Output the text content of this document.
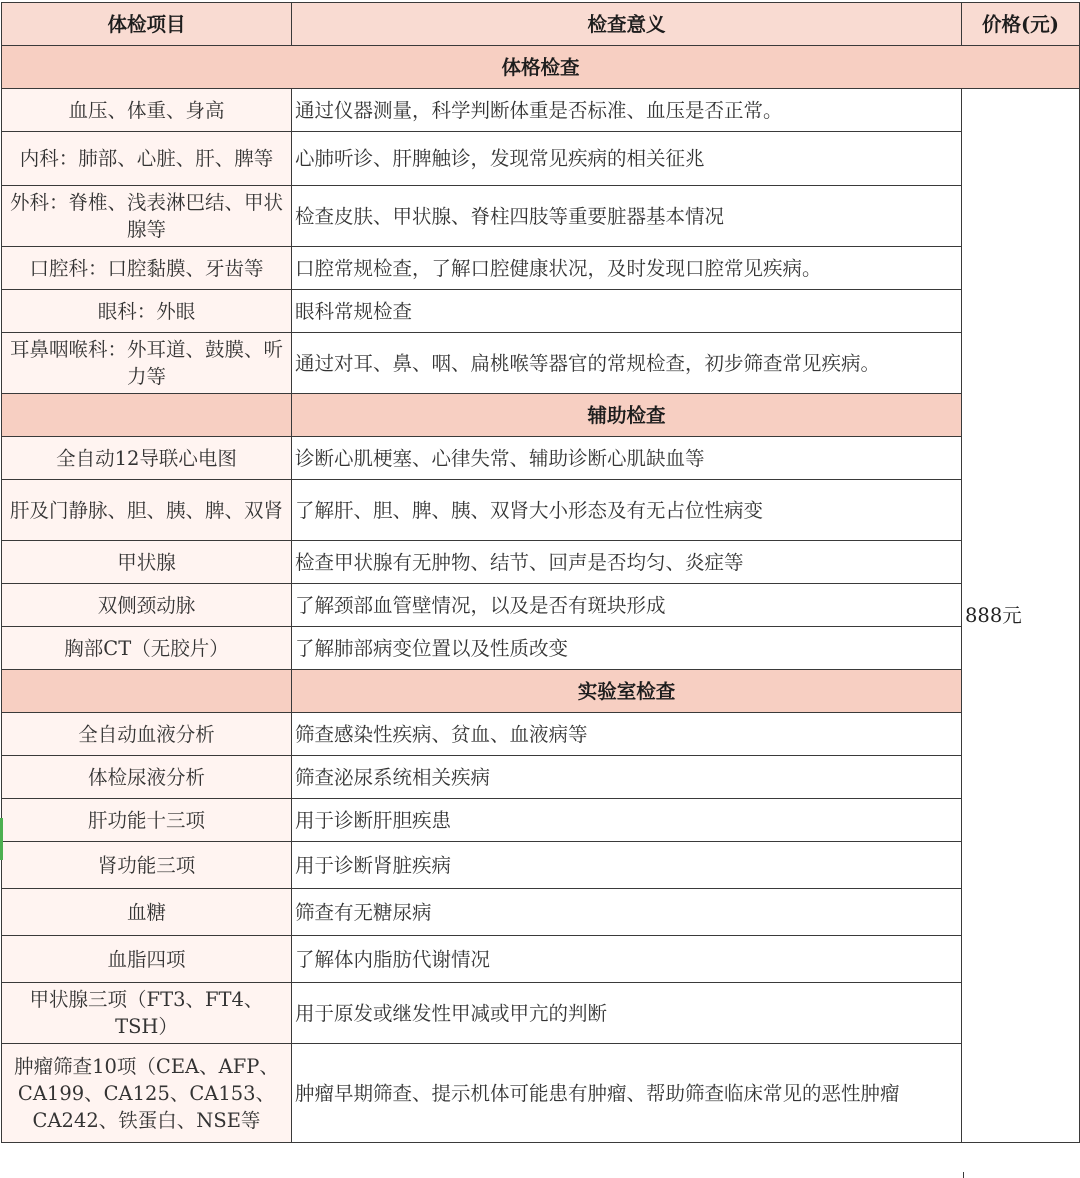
体检项目	检查意义	价格(元)
体格检查		
血压、体重、身高	通过仪器测量，科学判断体重是否标准、血压是否正常。	888元
内科：肺部、心脏、肝、脾等	心肺听诊、肝脾触诊，发现常见疾病的相关征兆	
外科：脊椎、浅表淋巴结、甲状腺等	检查皮肤、甲状腺、脊柱四肢等重要脏器基本情况	
口腔科：口腔黏膜、牙齿等	口腔常规检查，了解口腔健康状况，及时发现口腔常见疾病。	
眼科：外眼	眼科常规检查	
耳鼻咽喉科：外耳道、鼓膜、听力等	通过对耳、鼻、咽、扁桃喉等器官的常规检查，初步筛查常见疾病。	
	辅助检查	
全自动12导联心电图	诊断心肌梗塞、心律失常、辅助诊断心肌缺血等	
肝及门静脉、胆、胰、脾、双肾	了解肝、胆、脾、胰、双肾大小形态及有无占位性病变	
甲状腺	检查甲状腺有无肿物、结节、回声是否均匀、炎症等	
双侧颈动脉	了解颈部血管壁情况，以及是否有斑块形成	
胸部CT（无胶片）	了解肺部病变位置以及性质改变	
	实验室检查	
全自动血液分析	筛查感染性疾病、贫血、血液病等	
体检尿液分析	筛查泌尿系统相关疾病	
肝功能十三项	用于诊断肝胆疾患	
肾功能三项	用于诊断肾脏疾病	
血糖	筛查有无糖尿病	
血脂四项	了解体内脂肪代谢情况	
甲状腺三项（FT3、FT4、TSH）	用于原发或继发性甲减或甲亢的判断	
肿瘤筛查10项（CEA、AFP、CA199、CA125、CA153、CA242、铁蛋白、NSE等	肿瘤早期筛查、提示机体可能患有肿瘤、帮助筛查临床常见的恶性肿瘤	
